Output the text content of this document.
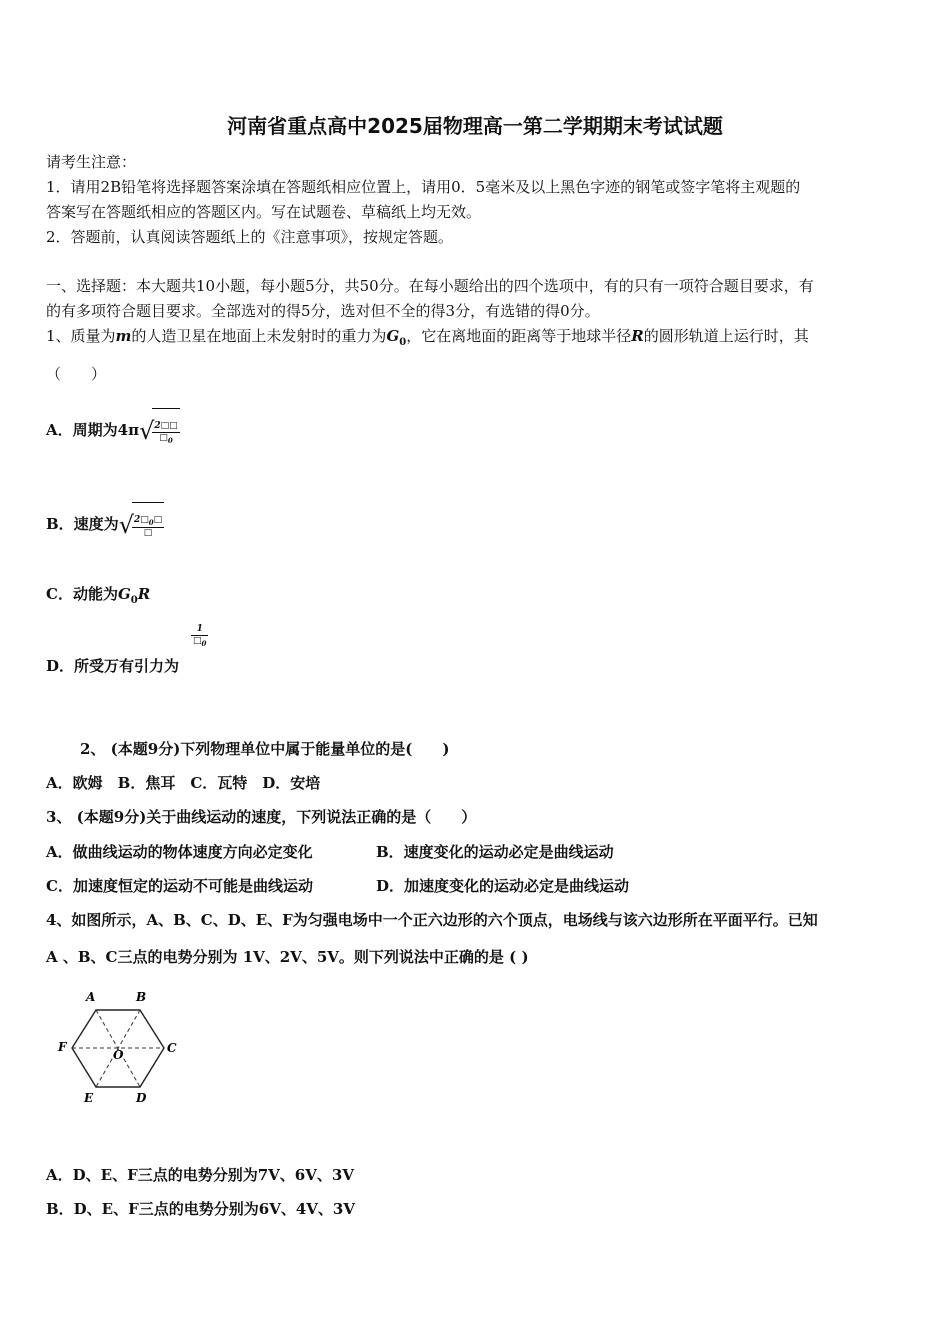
河南省重点高中2025届物理高一第二学期期末考试试题
请考生注意：
1．请用2B铅笔将选择题答案涂填在答题纸相应位置上，请用0．5毫米及以上黑色字迹的钢笔或签字笔将主观题的
答案写在答题纸相应的答题区内。写在试题卷、草稿纸上均无效。
2．答题前，认真阅读答题纸上的《注意事项》，按规定答题。
一、选择题：本大题共10小题，每小题5分，共50分。在每小题给出的四个选项中，有的只有一项符合题目要求，有
的有多项符合题目要求。全部选对的得5分，选对但不全的得3分，有选错的得0分。
1、质量为m的人造卫星在地面上未发射时的重力为$G_0$，它在离地面的距离等于地球半径R的圆形轨道上运行时，其
（　　）
A．周期为4π√
$\frac{2□□}{□_0}$
B．速度为√
$\frac{2□_0□}{□}$
C．动能为$G_0R$
D．所受万有引力为
$\frac{1}{□_0}$
2、 (本题9分)下列物理单位中属于能量单位的是(　　)
A．欧姆　B．焦耳　C．瓦特　D．安培
3、 (本题9分)关于曲线运动的速度，下列说法正确的是（　　）
A．做曲线运动的物体速度方向必定变化	B．速度变化的运动必定是曲线运动
C．加速度恒定的运动不可能是曲线运动	D．加速度变化的运动必定是曲线运动
4、如图所示，A、B、C、D、E、F为匀强电场中一个正六边形的六个顶点，电场线与该六边形所在平面平行。已知
A 、B、C三点的电势分别为 1V、2V、5V。则下列说法中正确的是 ( )
A	B
C
D
E
F
O
A．D、E、F三点的电势分别为7V、6V、3V
B．D、E、F三点的电势分别为6V、4V、3V
